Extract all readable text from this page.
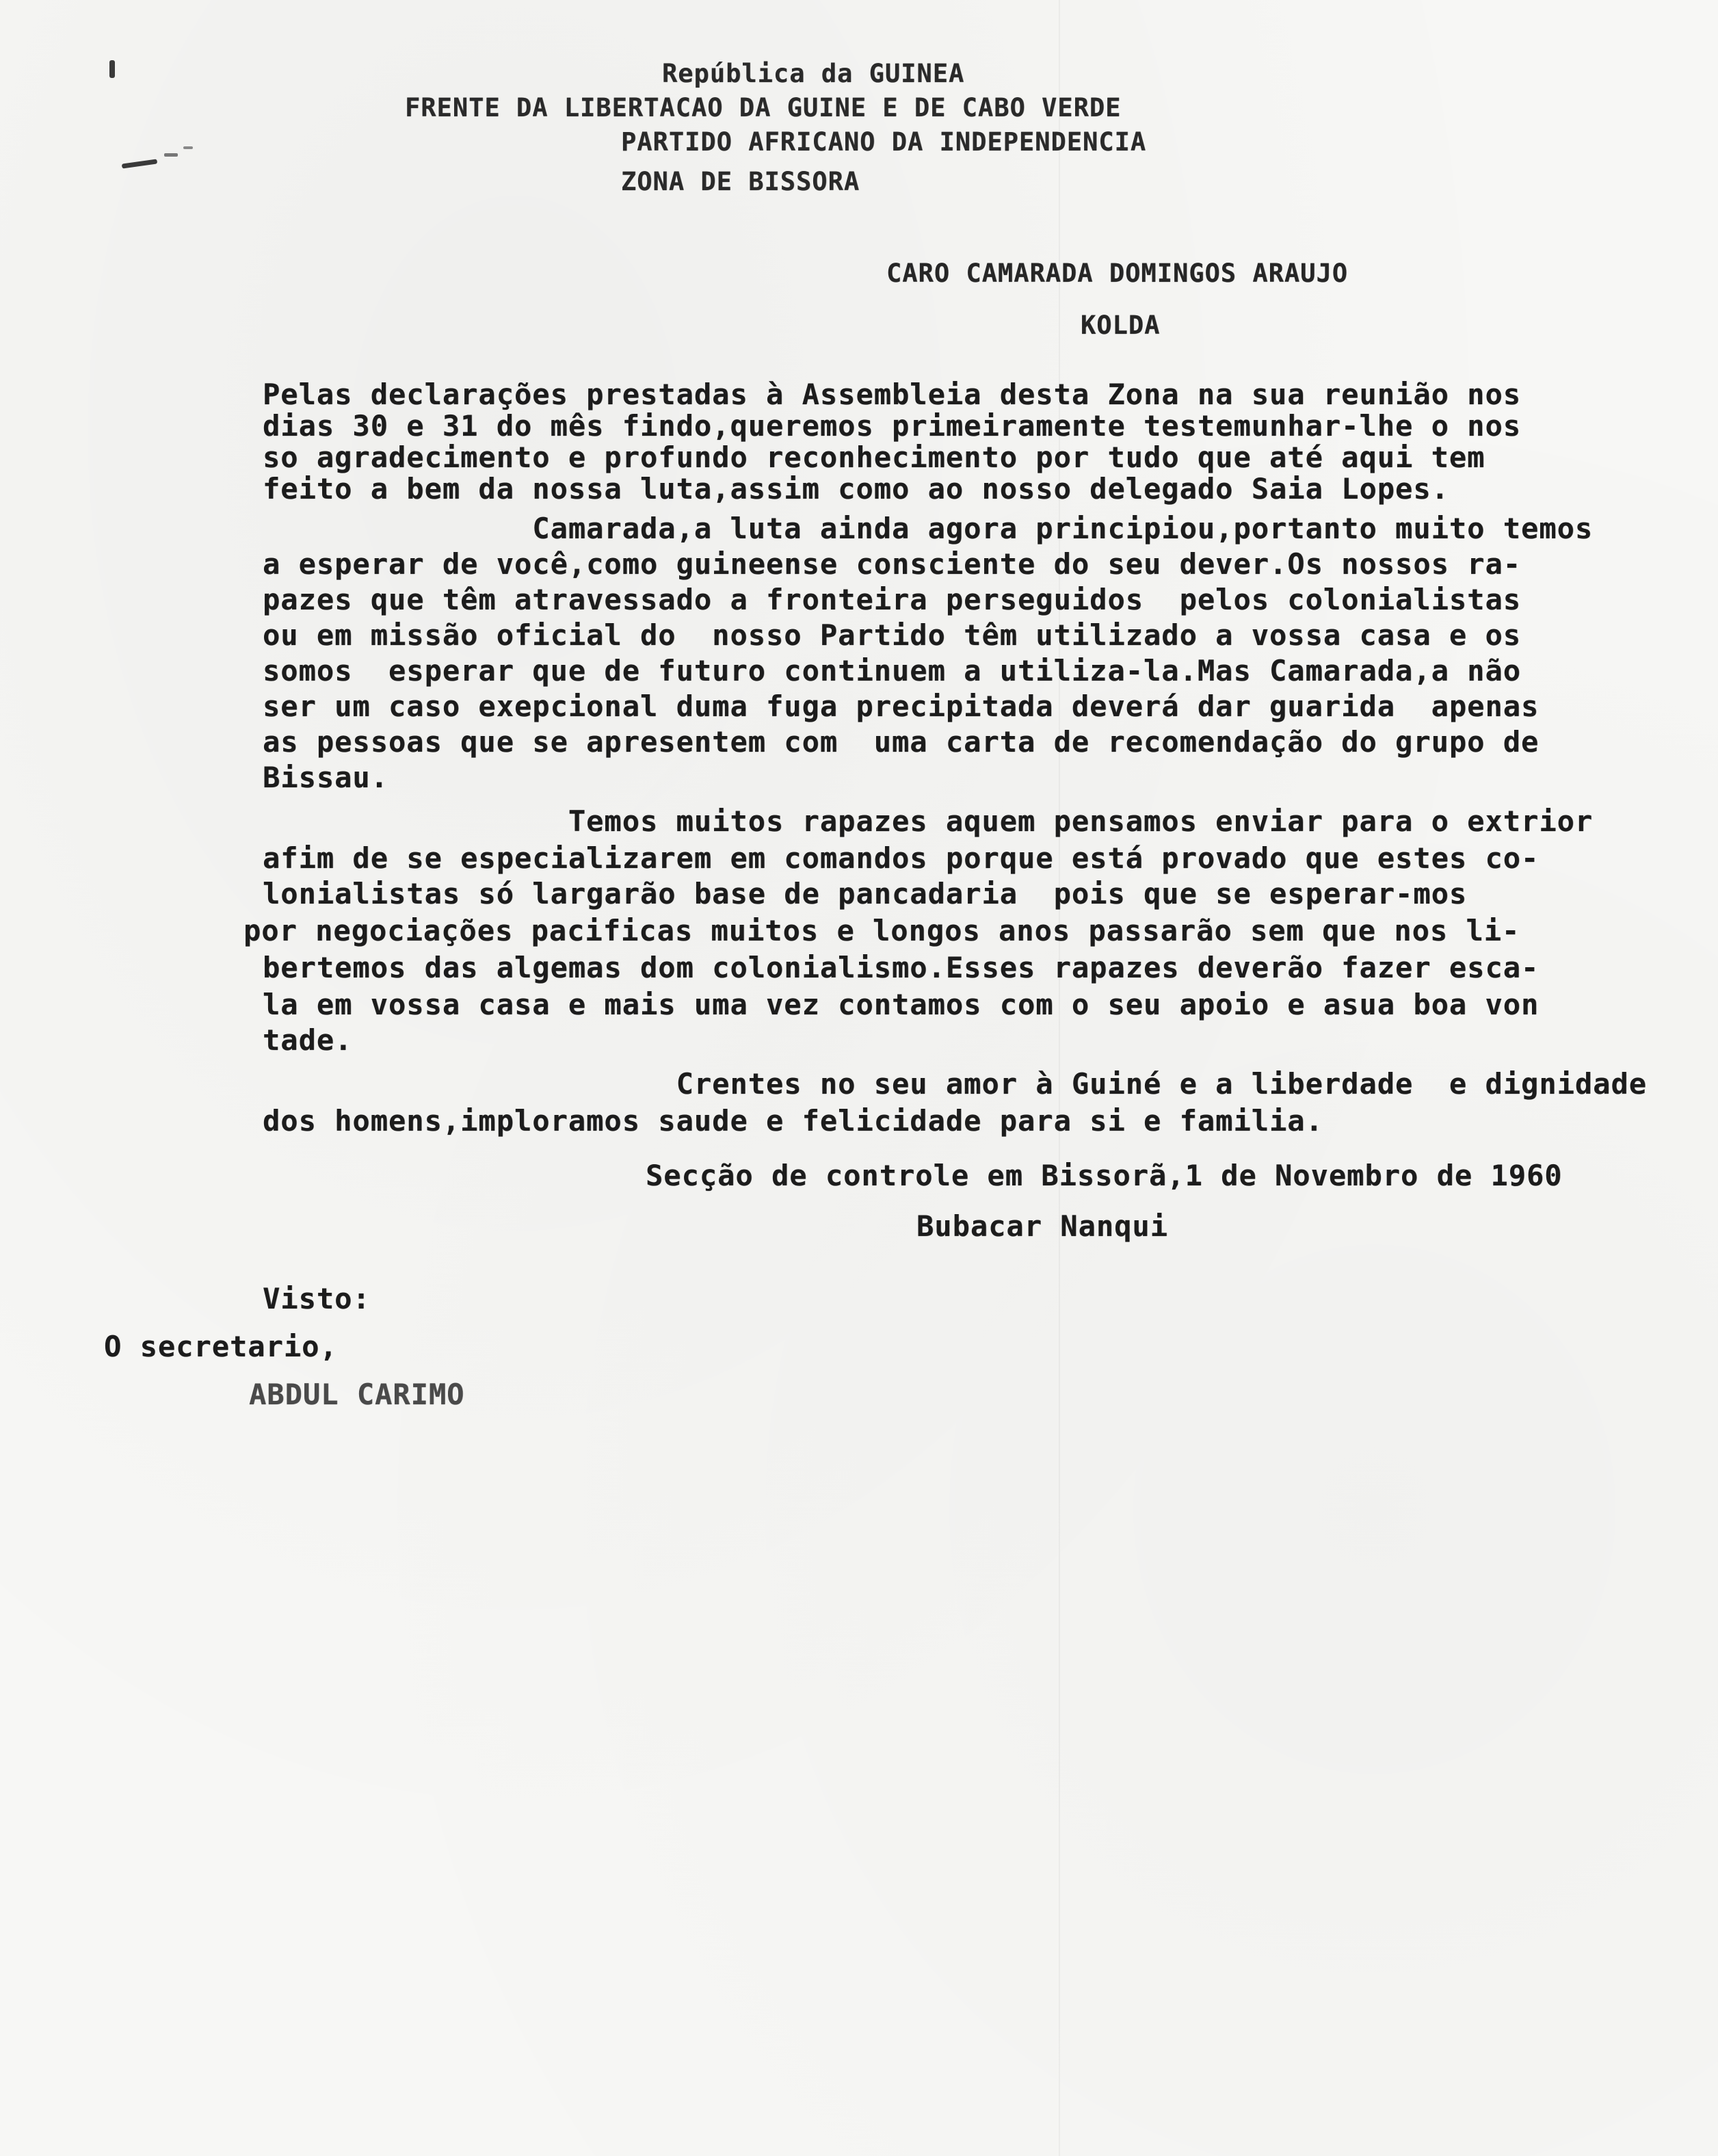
República da GUINEA
FRENTE DA LIBERTACAO DA GUINE E DE CABO VERDE
PARTIDO AFRICANO DA INDEPENDENCIA
ZONA DE BISSORA
CARO CAMARADA DOMINGOS ARAUJO
KOLDA
Pelas declarações prestadas à Assembleia desta Zona na sua reunião nos
dias 30 e 31 do mês findo,queremos primeiramente testemunhar-lhe o nos
so agradecimento e profundo reconhecimento por tudo que até aqui tem
feito a bem da nossa luta,assim como ao nosso delegado Saia Lopes.
Camarada,a luta ainda agora principiou,portanto muito temos
a esperar de você,como guineense consciente do seu dever.Os nossos ra-
pazes que têm atravessado a fronteira perseguidos  pelos colonialistas
ou em missão oficial do  nosso Partido têm utilizado a vossa casa e os
somos  esperar que de futuro continuem a utiliza-la.Mas Camarada,a não
ser um caso exepcional duma fuga precipitada deverá dar guarida  apenas
as pessoas que se apresentem com  uma carta de recomendação do grupo de
Bissau.
Temos muitos rapazes aquem pensamos enviar para o extrior
afim de se especializarem em comandos porque está provado que estes co-
lonialistas só largarão base de pancadaria  pois que se esperar-mos
por negociações pacificas muitos e longos anos passarão sem que nos li-
bertemos das algemas dom colonialismo.Esses rapazes deverão fazer esca-
la em vossa casa e mais uma vez contamos com o seu apoio e asua boa von
tade.
Crentes no seu amor à Guiné e a liberdade  e dignidade
dos homens,imploramos saude e felicidade para si e familia.
Secção de controle em Bissorã,1 de Novembro de 1960
Bubacar Nanqui
Visto:
O secretario,
ABDUL CARIMO
